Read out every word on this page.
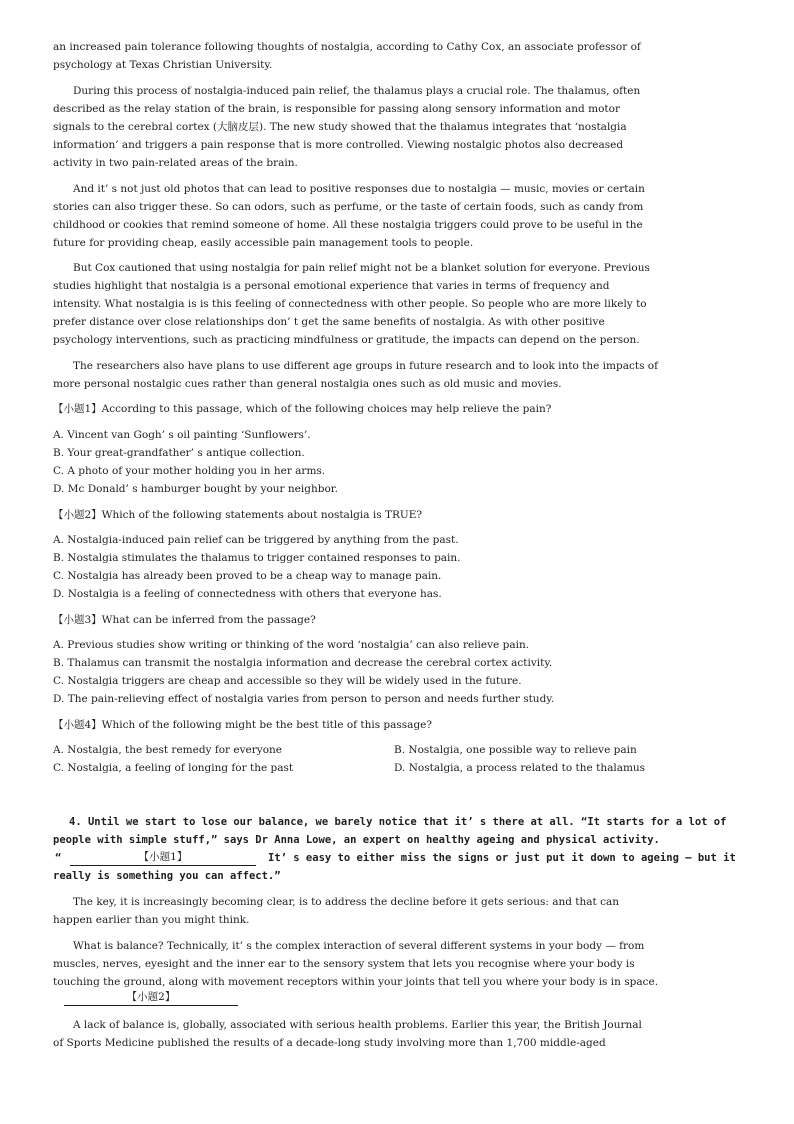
an increased pain tolerance following thoughts of nostalgia, according to Cathy Cox, an associate professor of
psychology at Texas Christian University.
During this process of nostalgia-induced pain relief, the thalamus plays a crucial role. The thalamus, often
described as the relay station of the brain, is responsible for passing along sensory information and motor
signals to the cerebral cortex (大脑皮层). The new study showed that the thalamus integrates that ‘nostalgia
information’ and triggers a pain response that is more controlled. Viewing nostalgic photos also decreased
activity in two pain-related areas of the brain.
And it’ s not just old photos that can lead to positive responses due to nostalgia — music, movies or certain
stories can also trigger these. So can odors, such as perfume, or the taste of certain foods, such as candy from
childhood or cookies that remind someone of home. All these nostalgia triggers could prove to be useful in the
future for providing cheap, easily accessible pain management tools to people.
But Cox cautioned that using nostalgia for pain relief might not be a blanket solution for everyone. Previous
studies highlight that nostalgia is a personal emotional experience that varies in terms of frequency and
intensity. What nostalgia is is this feeling of connectedness with other people. So people who are more likely to
prefer distance over close relationships don’ t get the same benefits of nostalgia. As with other positive
psychology interventions, such as practicing mindfulness or gratitude, the impacts can depend on the person.
The researchers also have plans to use different age groups in future research and to look into the impacts of
more personal nostalgic cues rather than general nostalgia ones such as old music and movies.
【小题1】According to this passage, which of the following choices may help relieve the pain?
A. Vincent van Gogh’ s oil painting ‘Sunflowers’.
B. Your great-grandfather’ s antique collection.
C. A photo of your mother holding you in her arms.
D. Mc Donald’ s hamburger bought by your neighbor.
【小题2】Which of the following statements about nostalgia is TRUE?
A. Nostalgia-induced pain relief can be triggered by anything from the past.
B. Nostalgia stimulates the thalamus to trigger contained responses to pain.
C. Nostalgia has already been proved to be a cheap way to manage pain.
D. Nostalgia is a feeling of connectedness with others that everyone has.
【小题3】What can be inferred from the passage?
A. Previous studies show writing or thinking of the word ‘nostalgia’ can also relieve pain.
B. Thalamus can transmit the nostalgia information and decrease the cerebral cortex activity.
C. Nostalgia triggers are cheap and accessible so they will be widely used in the future.
D. The pain-relieving effect of nostalgia varies from person to person and needs further study.
【小题4】Which of the following might be the best title of this passage?
A. Nostalgia, the best remedy for everyone	B. Nostalgia, one possible way to relieve pain
C. Nostalgia, a feeling of longing for the past	D. Nostalgia, a process related to the thalamus
4. Until we start to lose our balance, we barely notice that it’ s there at all. “It starts for a lot of
people with simple stuff,” says Dr Anna Lowe, an expert on healthy ageing and physical activity.
“	【小题1】	It’ s easy to either miss the signs or just put it down to ageing — but it
really is something you can affect.”
The key, it is increasingly becoming clear, is to address the decline before it gets serious: and that can
happen earlier than you might think.
What is balance? Technically, it’ s the complex interaction of several different systems in your body — from
muscles, nerves, eyesight and the inner ear to the sensory system that lets you recognise where your body is
touching the ground, along with movement receptors within your joints that tell you where your body is in space.
【小题2】
A lack of balance is, globally, associated with serious health problems. Earlier this year, the British Journal
of Sports Medicine published the results of a decade-long study involving more than 1,700 middle-aged
